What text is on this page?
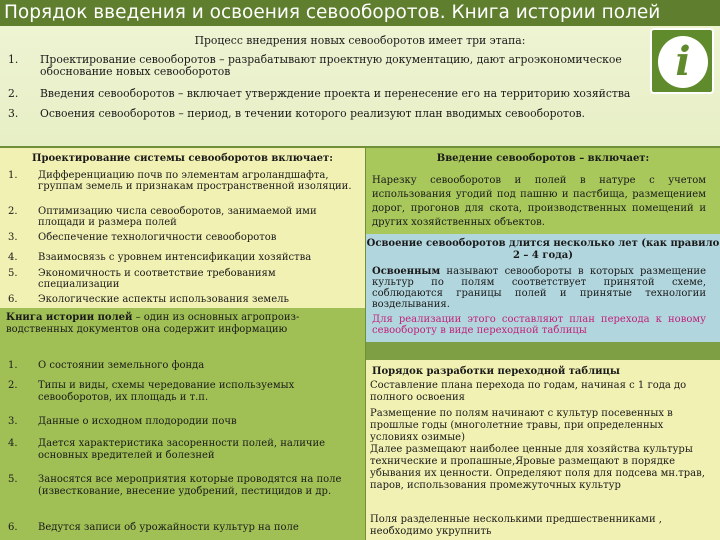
Порядок введения и освоения севооборотов. Книга истории полей
Процесс внедрения новых севооборотов имеет три этапа:
1. Проектирование севооборотов – разрабатывают проектную документацию, дают агроэкономическое обоснование новых севооборотов
2. Введения севооборотов – включает утверждение проекта и перенесение его на территорию хозяйства
3. Освоения севооборотов – период, в течении которого реализуют план вводимых севооборотов.
i
Проектирование системы севооборотов включает:
1. Дифференциацию почв по элементам агроландшафта, группам земель и признакам пространственной изоляции.
2. Оптимизацию числа севооборотов, занимаемой ими площади и размера полей
3. Обеспечение технологичности севооборотов
4. Взаимосвязь с уровнем интенсификации хозяйства
5. Экономичность и соответствие требованиям специализации
6. Экологические аспекты использования земель
Введение севооборотов – включает:
Нарезку севооборотов и полей в натуре с учетом использования угодий под пашню и пастбища, размещением дорог, прогонов для скота, производственных помещений и других хозяйственных объектов.
Освоение севооборотов длится несколько лет (как правило 2 – 4 года)
Освоенным называют севообороты в которых размещение культур по полям соответствует принятой схеме, соблюдаются границы полей и принятые технологии возделывания.
Для реализации этого составляют план перехода к новому севообороту в виде переходной таблицы
Книга истории полей – один из основных агропроиз-водственных документов она содержит информацию
1. О состоянии земельного фонда
2. Типы и виды, схемы чередование используемых севооборотов, их площадь и т.п.
3. Данные о исходном плодородии почв
4. Дается характеристика засоренности полей, наличие основных вредителей и болезней
5. Заносятся все мероприятия которые проводятся на поле (известкование, внесение удобрений, пестицидов и др.
6. Ведутся записи об урожайности культур на поле
Порядок разработки переходной таблицы
Составление плана перехода по годам, начиная с 1 года до полного освоения
Размещение по полям начинают с культур посевенных в прошлые годы (многолетние травы, при определенных условиях озимые)
Далее размещают наиболее ценные для хозяйства культуры технические и пропашные,Яровые размещают в порядке убывания их ценности. Определяют поля для подсева мн.трав, паров, использования промежуточных культур
Поля разделенные несколькими предшественниками , необходимо укрупнить
